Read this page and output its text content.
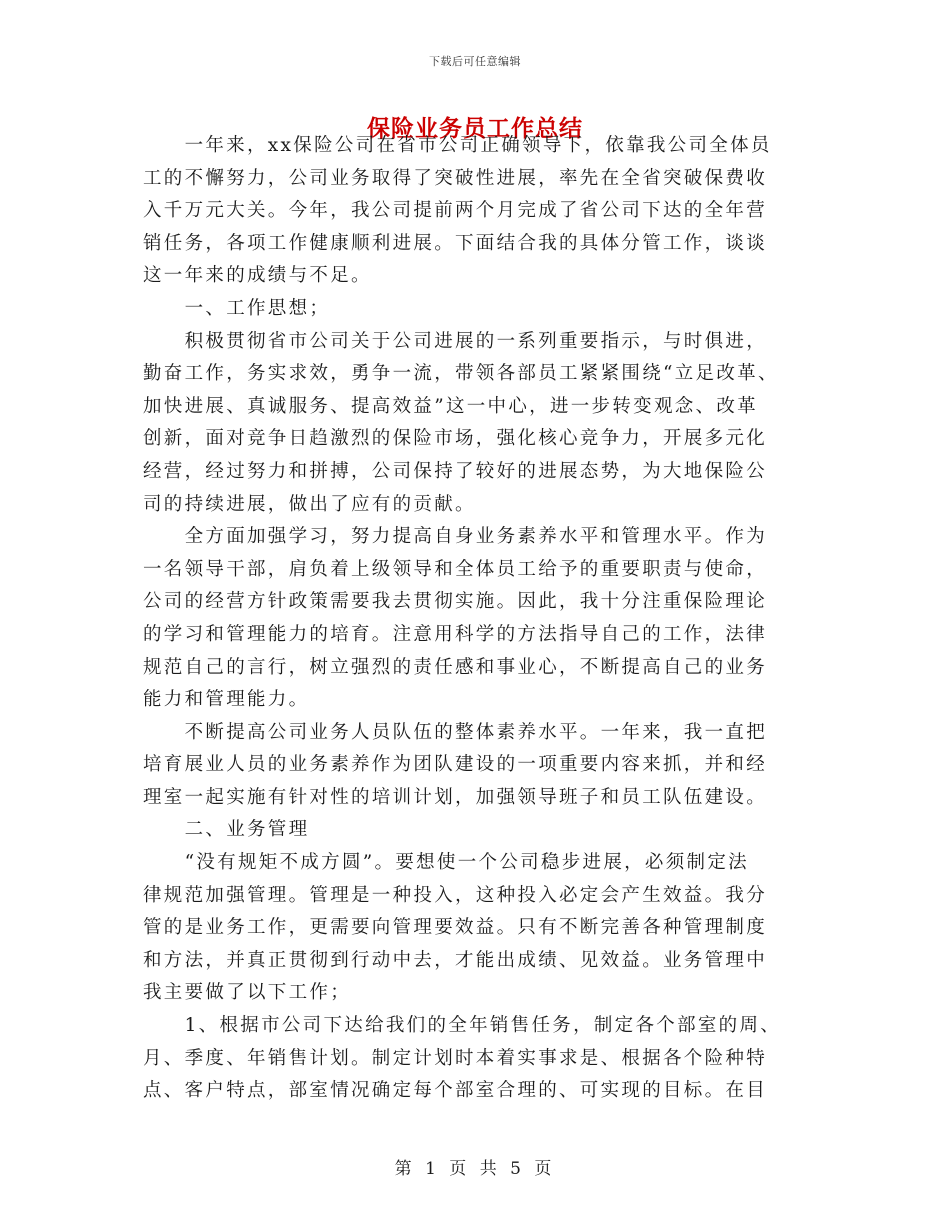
下载后可任意编辑
保险业务员工作总结
　　一年来，xx保险公司在省市公司正确领导下，依靠我公司全体员
工的不懈努力，公司业务取得了突破性进展，率先在全省突破保费收
入千万元大关。今年，我公司提前两个月完成了省公司下达的全年营
销任务，各项工作健康顺利进展。下面结合我的具体分管工作，谈谈
这一年来的成绩与不足。
　　一、工作思想；
　　积极贯彻省市公司关于公司进展的一系列重要指示，与时俱进，
勤奋工作，务实求效，勇争一流，带领各部员工紧紧围绕“立足改革、
加快进展、真诚服务、提高效益”这一中心，进一步转变观念、改革
创新，面对竞争日趋激烈的保险市场，强化核心竞争力，开展多元化
经营，经过努力和拼搏，公司保持了较好的进展态势，为大地保险公
司的持续进展，做出了应有的贡献。
　　全方面加强学习，努力提高自身业务素养水平和管理水平。作为
一名领导干部，肩负着上级领导和全体员工给予的重要职责与使命，
公司的经营方针政策需要我去贯彻实施。因此，我十分注重保险理论
的学习和管理能力的培育。注意用科学的方法指导自己的工作，法律
规范自己的言行，树立强烈的责任感和事业心，不断提高自己的业务
能力和管理能力。
　　不断提高公司业务人员队伍的整体素养水平。一年来，我一直把
培育展业人员的业务素养作为团队建设的一项重要内容来抓，并和经
理室一起实施有针对性的培训计划，加强领导班子和员工队伍建设。
　　二、业务管理
　　“没有规矩不成方圆”。要想使一个公司稳步进展，必须制定法
律规范加强管理。管理是一种投入，这种投入必定会产生效益。我分
管的是业务工作，更需要向管理要效益。只有不断完善各种管理制度
和方法，并真正贯彻到行动中去，才能出成绩、见效益。业务管理中
我主要做了以下工作；
　　1、根据市公司下达给我们的全年销售任务，制定各个部室的周、
月、季度、年销售计划。制定计划时本着实事求是、根据各个险种特
点、客户特点，部室情况确定每个部室合理的、可实现的目标。在目
第 1 页 共 5 页
